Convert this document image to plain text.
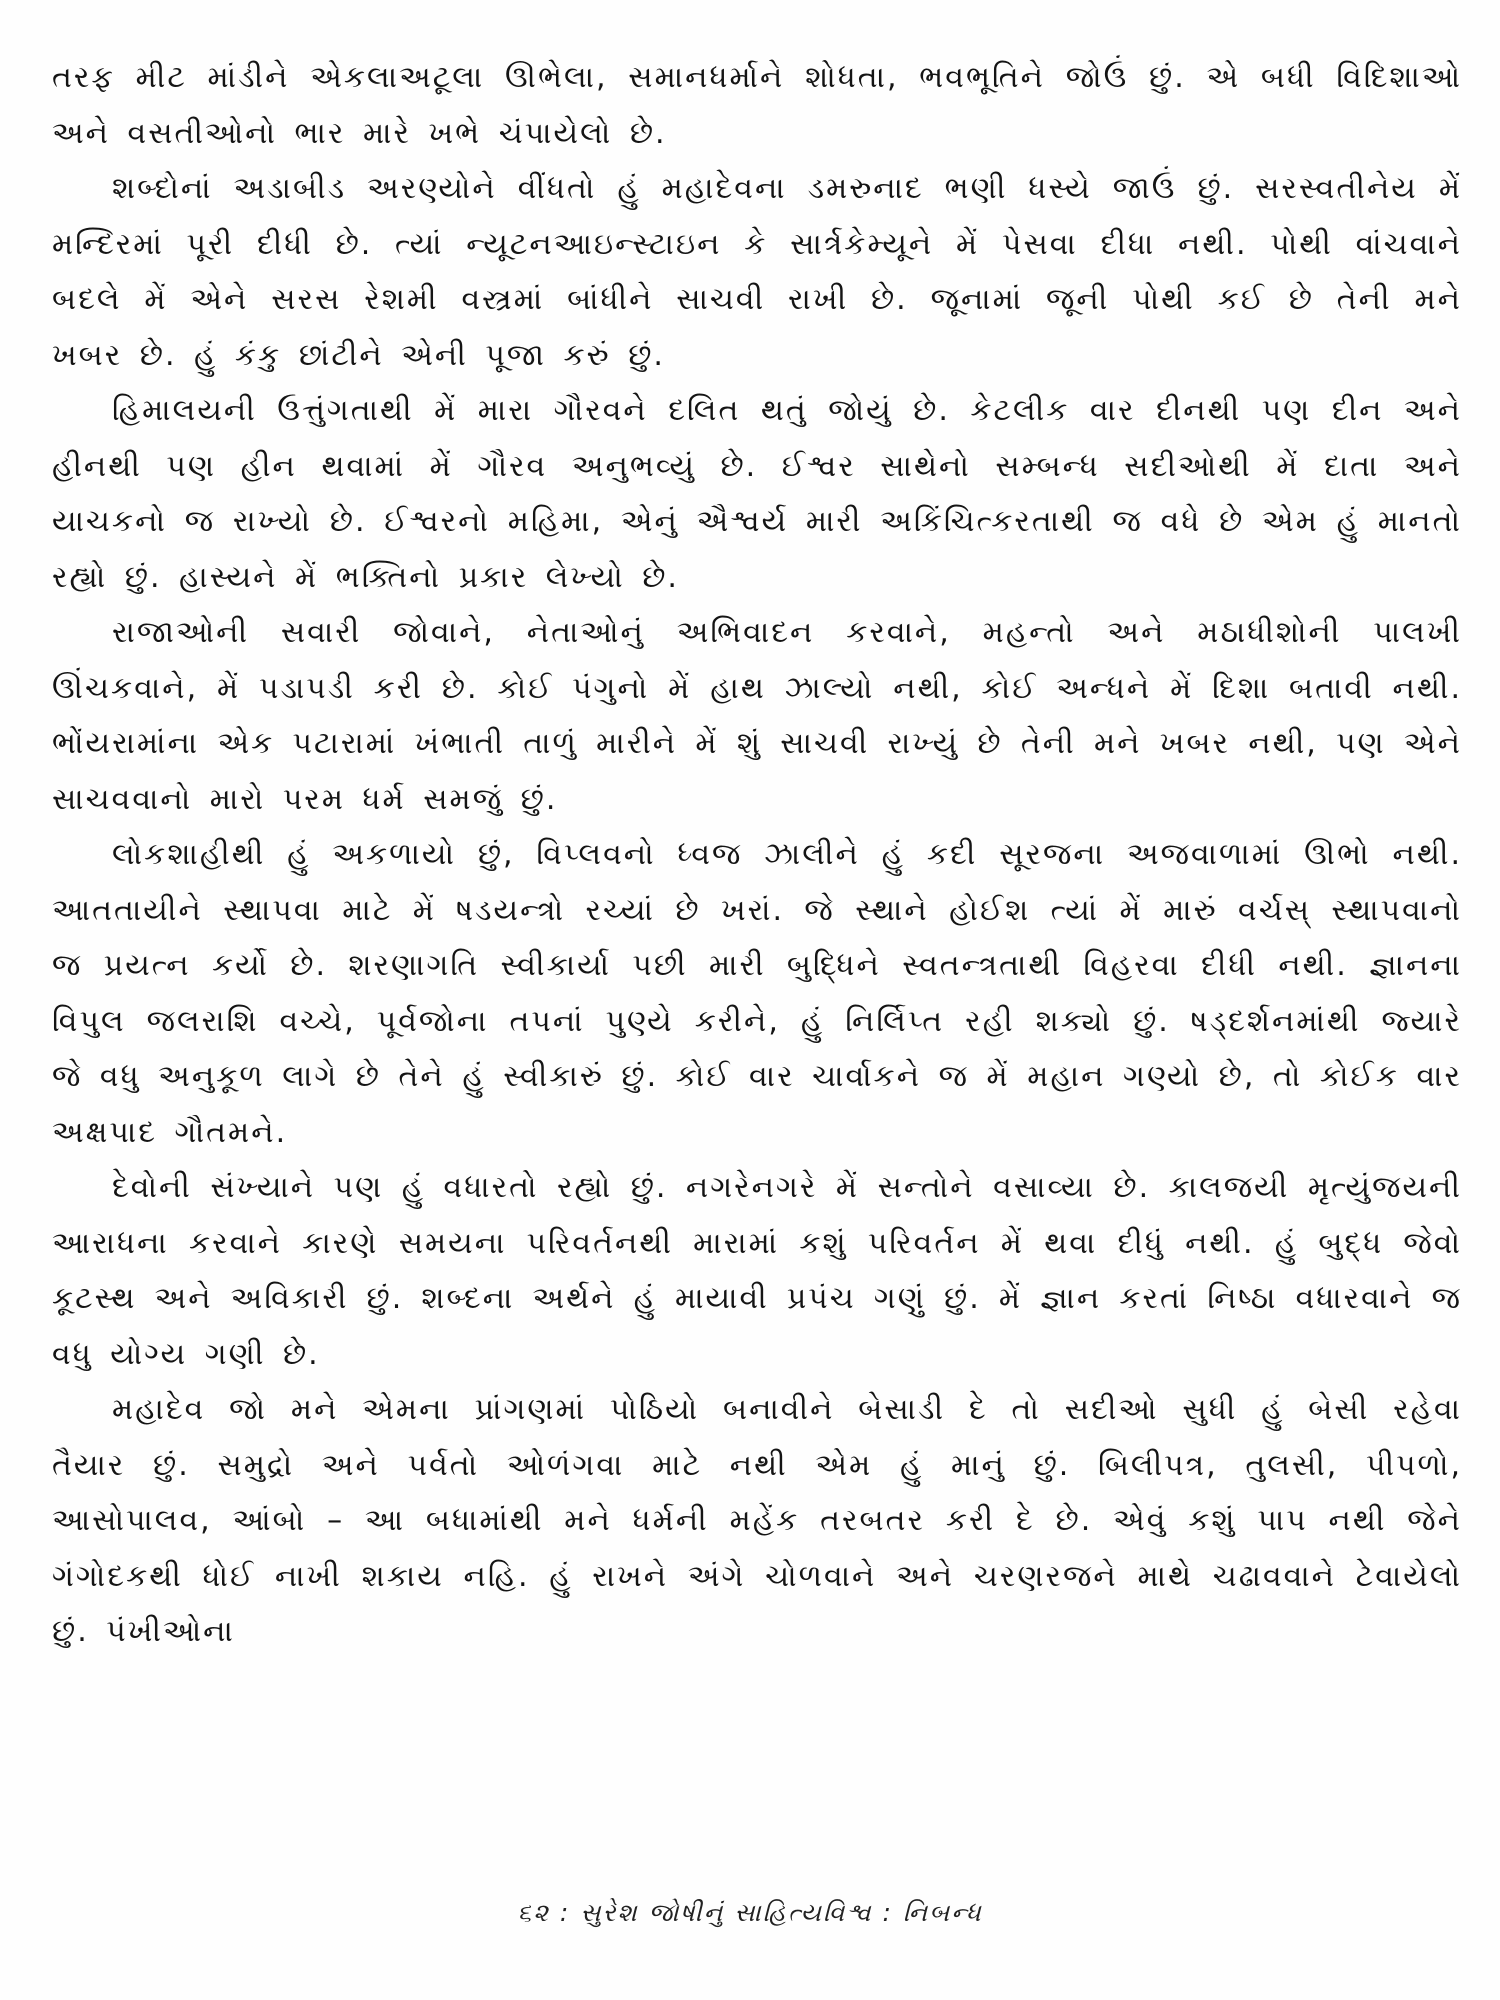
તરફ મીટ માંડીને એકલાઅટૂલા ઊભેલા, સમાનધર્માને શોધતા, ભવભૂતિને જોઉં છું. એ બધી વિદિશાઓ અને વસતીઓનો ભાર મારે ખભે ચંપાયેલો છે.

શબ્દોનાં અડાબીડ અરણ્યોને વીંધતો હું મહાદેવના ડમરુનાદ ભણી ધસ્યે જાઉં છું. સરસ્વતીનેય મેં મન્દિરમાં પૂરી દીધી છે. ત્યાં ન્યૂટનઆઇન્સ્ટાઇન કે સાર્ત્રકેમ્યૂને મેં પેસવા દીધા નથી. પોથી વાંચવાને બદલે મેં એને સરસ રેશમી વસ્ત્રમાં બાંધીને સાચવી રાખી છે. જૂનામાં જૂની પોથી કઈ છે તેની મને ખબર છે. હું કંકુ છાંટીને એની પૂજા કરું છું.

હિમાલયની ઉત્તુંગતાથી મેં મારા ગૌરવને દલિત થતું જોયું છે. કેટલીક વાર દીનથી પણ દીન અને હીનથી પણ હીન થવામાં મેં ગૌરવ અનુભવ્યું છે. ઈશ્વર સાથેનો સમ્બન્ધ સદીઓથી મેં દાતા અને યાચકનો જ રાખ્યો છે. ઈશ્વરનો મહિમા, એનું ઐશ્વર્ય મારી અકિંચિત્કરતાથી જ વધે છે એમ હું માનતો રહ્યો છું. હાસ્યને મેં ભક્તિનો પ્રકાર લેખ્યો છે.

રાજાઓની સવારી જોવાને, નેતાઓનું અભિવાદન કરવાને, મહન્તો અને મઠાધીશોની પાલખી ઊંચકવાને, મેં પડાપડી કરી છે. કોઈ પંગુનો મેં હાથ ઝાલ્યો નથી, કોઈ અન્ધને મેં દિશા બતાવી નથી. ભોંયરામાંના એક પટારામાં ખંભાતી તાળું મારીને મેં શું સાચવી રાખ્યું છે તેની મને ખબર નથી, પણ એને સાચવવાનો મારો પરમ ધર્મ સમજું છું.

લોકશાહીથી હું અકળાયો છું, વિપ્લવનો ધ્વજ ઝાલીને હું કદી સૂરજના અજવાળામાં ઊભો નથી. આતતાયીને સ્થાપવા માટે મેં ષડયન્ત્રો રચ્યાં છે ખરાં. જે સ્થાને હોઈશ ત્યાં મેં મારું વર્ચસ્ સ્થાપવાનો જ પ્રયત્ન કર્યો છે. શરણાગતિ સ્વીકાર્યા પછી મારી બુદ્ધિને સ્વતન્ત્રતાથી વિહરવા દીધી નથી. જ્ઞાનના વિપુલ જલરાશિ વચ્ચે, પૂર્વજોના તપનાં પુણ્યે કરીને, હું નિર્લિપ્ત રહી શક્યો છું. ષડ્દર્શનમાંથી જ્યારે જે વધુ અનુકૂળ લાગે છે તેને હું સ્વીકારું છું. કોઈ વાર ચાર્વાકને જ મેં મહાન ગણ્યો છે, તો કોઈક વાર અક્ષપાદ ગૌતમને.

દેવોની સંખ્યાને પણ હું વધારતો રહ્યો છું. નગરેનગરે મેં સન્તોને વસાવ્યા છે. કાલજયી મૃત્યુંજયની આરાધના કરવાને કારણે સમયના પરિવર્તનથી મારામાં કશું પરિવર્તન મેં થવા દીધું નથી. હું બુદ્ધ જેવો કૂટસ્થ અને અવિકારી છું. શબ્દના અર્થને હું માયાવી પ્રપંચ ગણું છું. મેં જ્ઞાન કરતાં નિષ્ઠા વધારવાને જ વધુ યોગ્ય ગણી છે.

મહાદેવ જો મને એમના પ્રાંગણમાં પોઠિયો બનાવીને બેસાડી દે તો સદીઓ સુધી હું બેસી રહેવા તૈયાર છું. સમુદ્રો અને પર્વતો ઓળંગવા માટે નથી એમ હું માનું છું. બિલીપત્ર, તુલસી, પીપળો, આસોપાલવ, આંબો – આ બધામાંથી મને ધર્મની મહેંક તરબતર કરી દે છે. એવું કશું પાપ નથી જેને ગંગોદકથી ધોઈ નાખી શકાય નહિ. હું રાખને અંગે ચોળવાને અને ચરણરજને માથે ચઢાવવાને ટેવાયેલો છું. પંખીઓના

૬૨ : સુરેશ જોષીનું સાહિત્યવિશ્વ : નિબન્ધ
